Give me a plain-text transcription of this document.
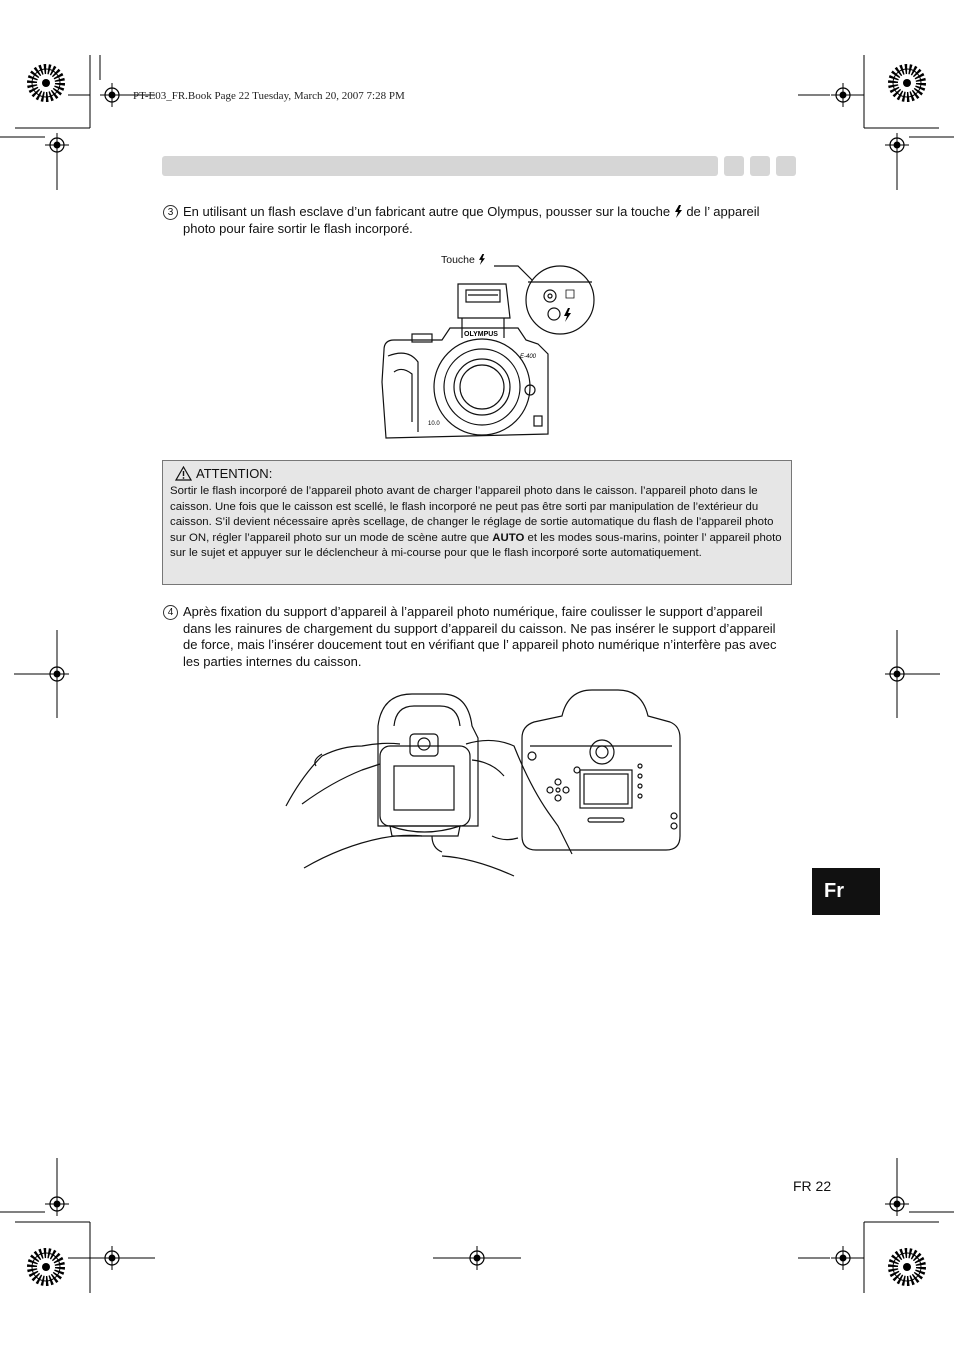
PT-E03_FR.Book Page 22 Tuesday, March 20, 2007 7:28 PM
3 En utilisant un flash esclave d’un fabricant autre que Olympus, pousser sur la touche de l’ appareil photo pour faire sortir le flash incorporé.
Touche
OLYMPUS
E-400
10.0
ATTENTION:
Sortir le flash incorporé de l’appareil photo avant de charger l’appareil photo dans le caisson. l’appareil photo dans le caisson. Une fois que le caisson est scellé, le flash incorporé ne peut pas être sorti par manipulation de l’extérieur du caisson. S’il devient nécessaire après scellage, de changer le réglage de sortie automatique du flash de l’appareil photo sur ON, régler l’appareil photo sur un mode de scène autre que AUTO et les modes sous-marins, pointer l’ appareil photo sur le sujet et appuyer sur le déclencheur à mi-course pour que le flash incorporé sorte automatiquement.
4 Après fixation du support d’appareil à l’appareil photo numérique, faire coulisser le support d’appareil dans les rainures de chargement du support d’appareil du caisson. Ne pas insérer le support d’appareil de force, mais l’insérer doucement tout en vérifiant que l’ appareil photo numérique n’interfère pas avec les parties internes du caisson.
Fr
FR 22
